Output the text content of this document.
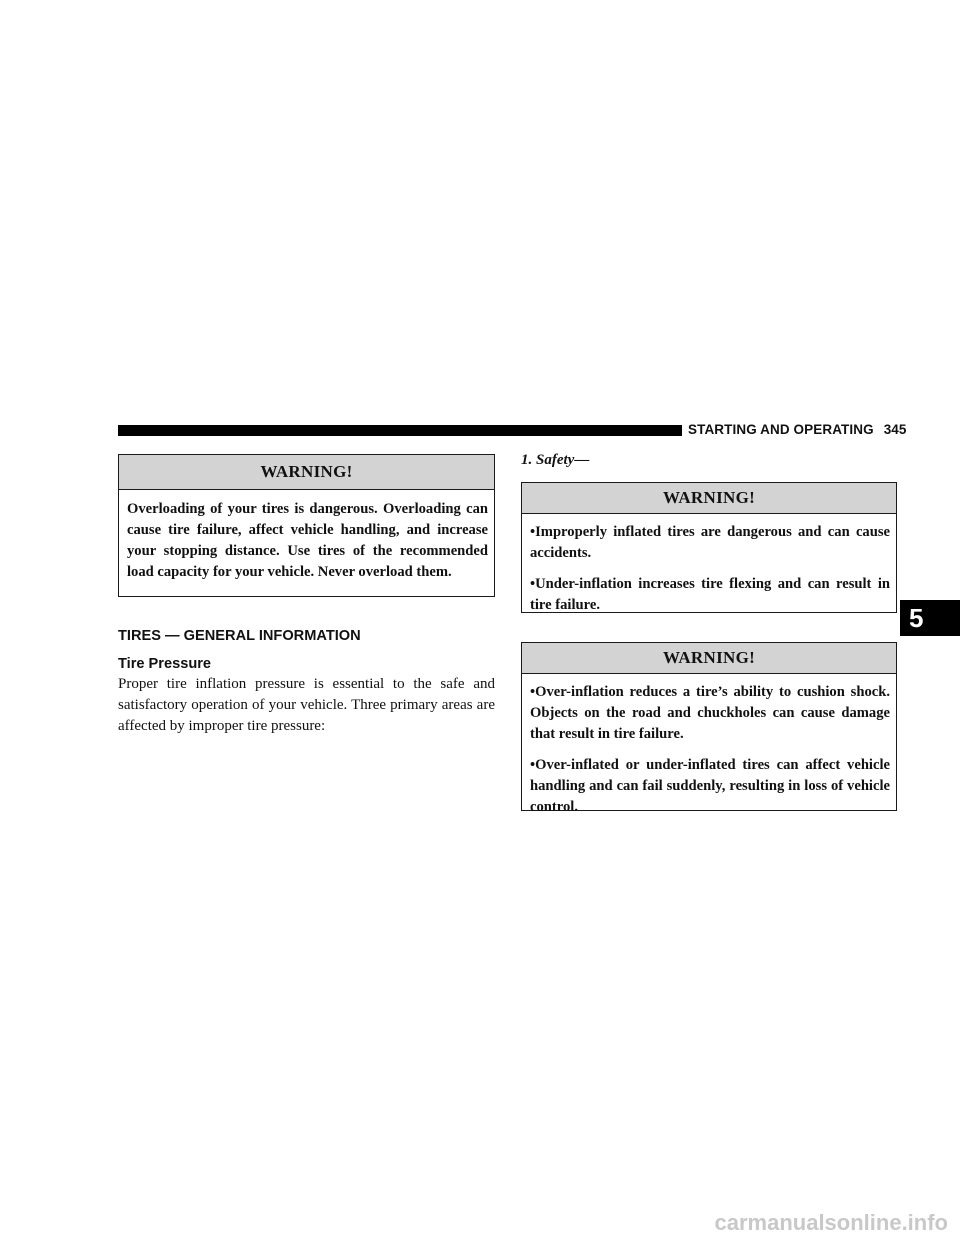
STARTING AND OPERATING 345
5
WARNING!

Overloading of your tires is dangerous. Overloading can cause tire failure, affect vehicle handling, and increase your stopping distance. Use tires of the recommended load capacity for your vehicle. Never overload them.

TIRES — GENERAL INFORMATION
Tire Pressure

Proper tire inflation pressure is essential to the safe and satisfactory operation of your vehicle. Three primary areas are affected by improper tire pressure:

1. Safety—
WARNING!

•Improperly inflated tires are dangerous and can cause accidents.

•Under-inflation increases tire flexing and can result in tire failure.

WARNING!

•Over-inflation reduces a tire’s ability to cushion shock. Objects on the road and chuckholes can cause damage that result in tire failure.

•Over-inflated or under-inflated tires can affect vehicle handling and can fail suddenly, resulting in loss of vehicle control.

carmanualsonline.info
